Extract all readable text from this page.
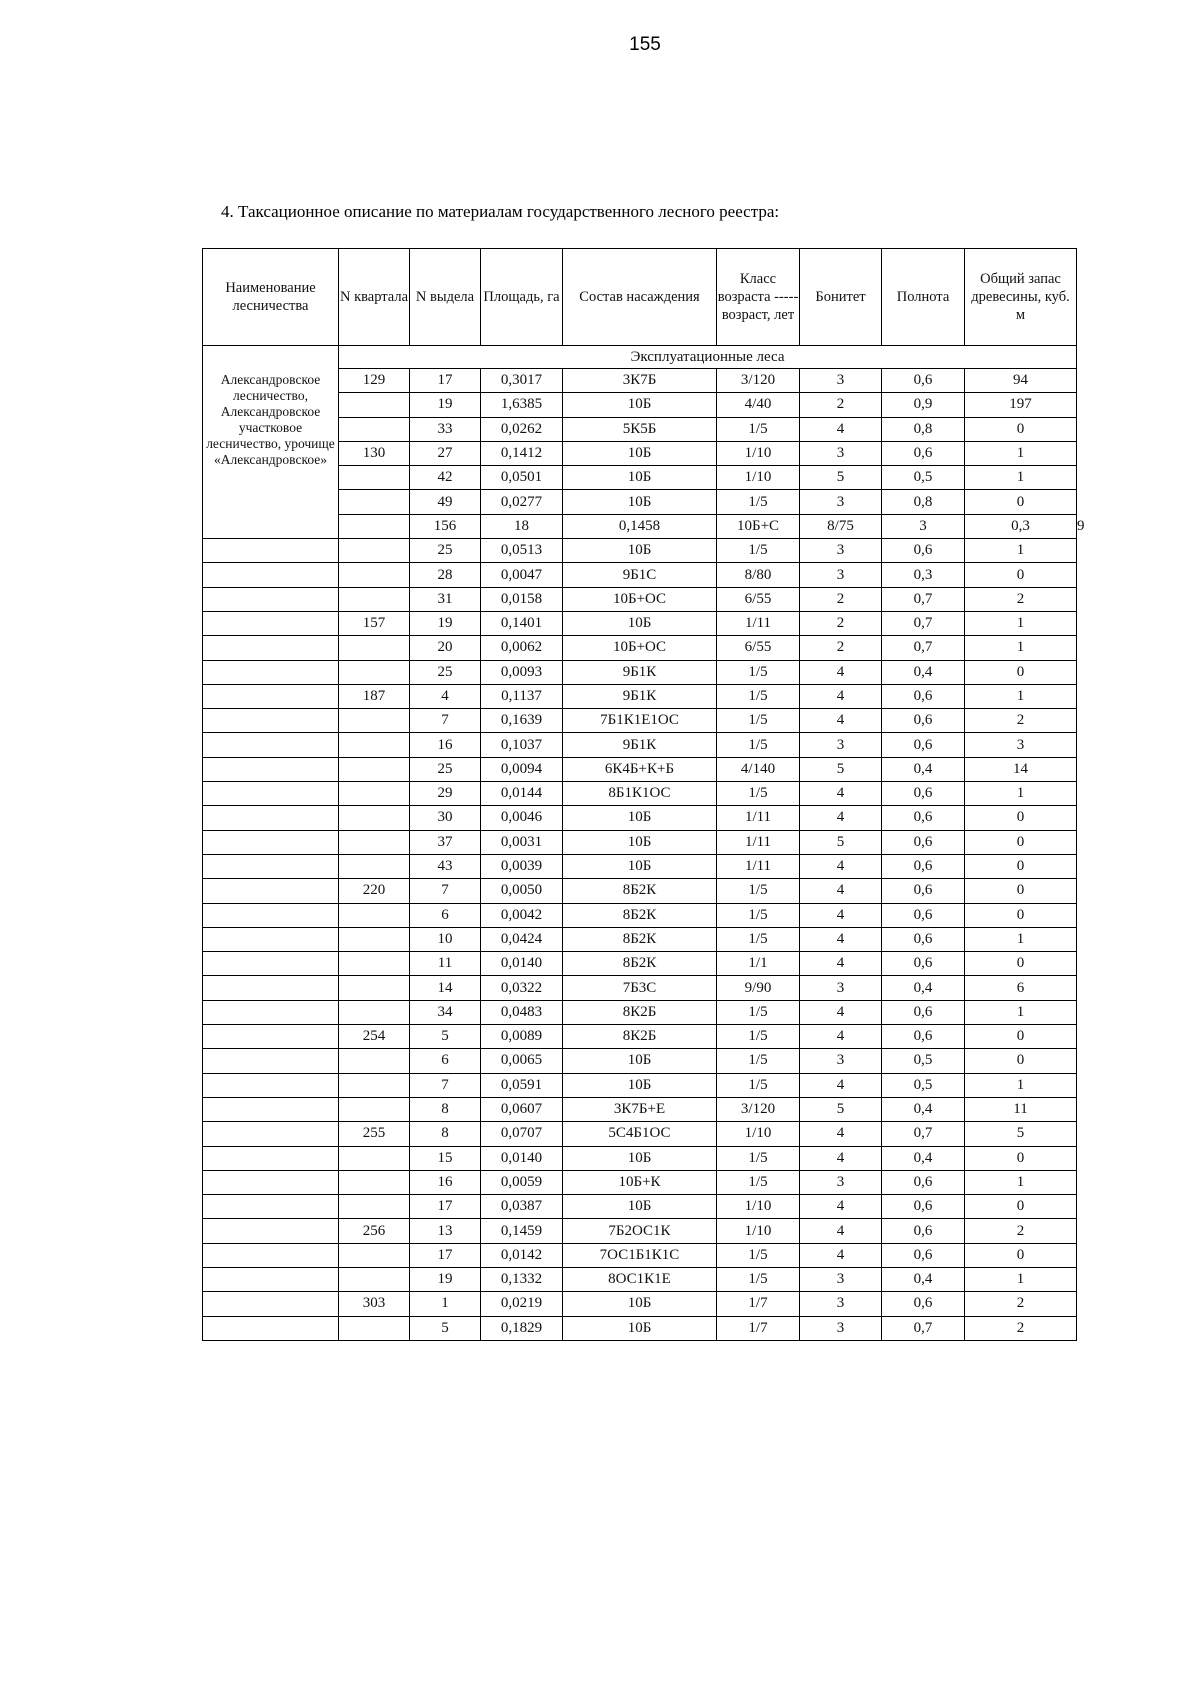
155
4. Таксационное описание по материалам государственного лесного реестра:
Наименование лесничества	N квартала	N выдела	Площадь, га	Состав насаждения	Класс возраста ----- возраст, лет	Бонитет	Полнота	Общий запас древесины, куб. м	
Александровское лесничество, Александровское участковое лесничество, урочище «Александровское»	Эксплуатационные леса								
	129	17	0,3017	3К7Б	3/120	3	0,6	94	
		19	1,6385	10Б	4/40	2	0,9	197	
		33	0,0262	5К5Б	1/5	4	0,8	0	
	130	27	0,1412	10Б	1/10	3	0,6	1	
		42	0,0501	10Б	1/10	5	0,5	1	
		49	0,0277	10Б	1/5	3	0,8	0	
		156	18	0,1458	10Б+С	8/75	3	0,3	9
		25	0,0513	10Б	1/5	3	0,6	1	
		28	0,0047	9Б1С	8/80	3	0,3	0	
		31	0,0158	10Б+ОС	6/55	2	0,7	2	
	157	19	0,1401	10Б	1/11	2	0,7	1	
		20	0,0062	10Б+ОС	6/55	2	0,7	1	
		25	0,0093	9Б1К	1/5	4	0,4	0	
	187	4	0,1137	9Б1К	1/5	4	0,6	1	
		7	0,1639	7Б1К1Е1ОС	1/5	4	0,6	2	
		16	0,1037	9Б1К	1/5	3	0,6	3	
		25	0,0094	6К4Б+К+Б	4/140	5	0,4	14	
		29	0,0144	8Б1К1ОС	1/5	4	0,6	1	
		30	0,0046	10Б	1/11	4	0,6	0	
		37	0,0031	10Б	1/11	5	0,6	0	
		43	0,0039	10Б	1/11	4	0,6	0	
	220	7	0,0050	8Б2К	1/5	4	0,6	0	
		6	0,0042	8Б2К	1/5	4	0,6	0	
		10	0,0424	8Б2К	1/5	4	0,6	1	
		11	0,0140	8Б2К	1/1	4	0,6	0	
		14	0,0322	7Б3С	9/90	3	0,4	6	
		34	0,0483	8К2Б	1/5	4	0,6	1	
	254	5	0,0089	8К2Б	1/5	4	0,6	0	
		6	0,0065	10Б	1/5	3	0,5	0	
		7	0,0591	10Б	1/5	4	0,5	1	
		8	0,0607	3К7Б+Е	3/120	5	0,4	11	
	255	8	0,0707	5С4Б1ОС	1/10	4	0,7	5	
		15	0,0140	10Б	1/5	4	0,4	0	
		16	0,0059	10Б+К	1/5	3	0,6	1	
		17	0,0387	10Б	1/10	4	0,6	0	
	256	13	0,1459	7Б2ОС1К	1/10	4	0,6	2	
		17	0,0142	7ОС1Б1К1С	1/5	4	0,6	0	
		19	0,1332	8ОС1К1Е	1/5	3	0,4	1	
	303	1	0,0219	10Б	1/7	3	0,6	2	
		5	0,1829	10Б	1/7	3	0,7	2	
